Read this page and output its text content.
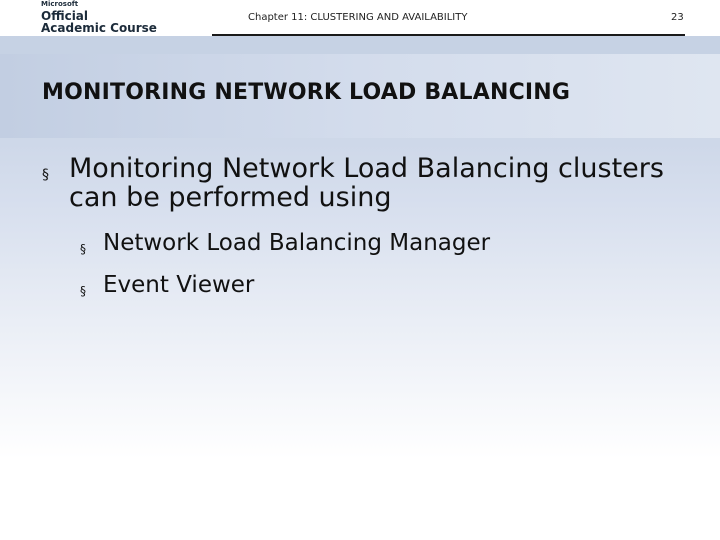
Microsoft
Official
Academic Course
Chapter 11: CLUSTERING AND AVAILABILITY	23
MONITORING NETWORK LOAD BALANCING
§ Monitoring Network Load Balancing clusters can be performed using
§ Network Load Balancing Manager
§ Event Viewer
